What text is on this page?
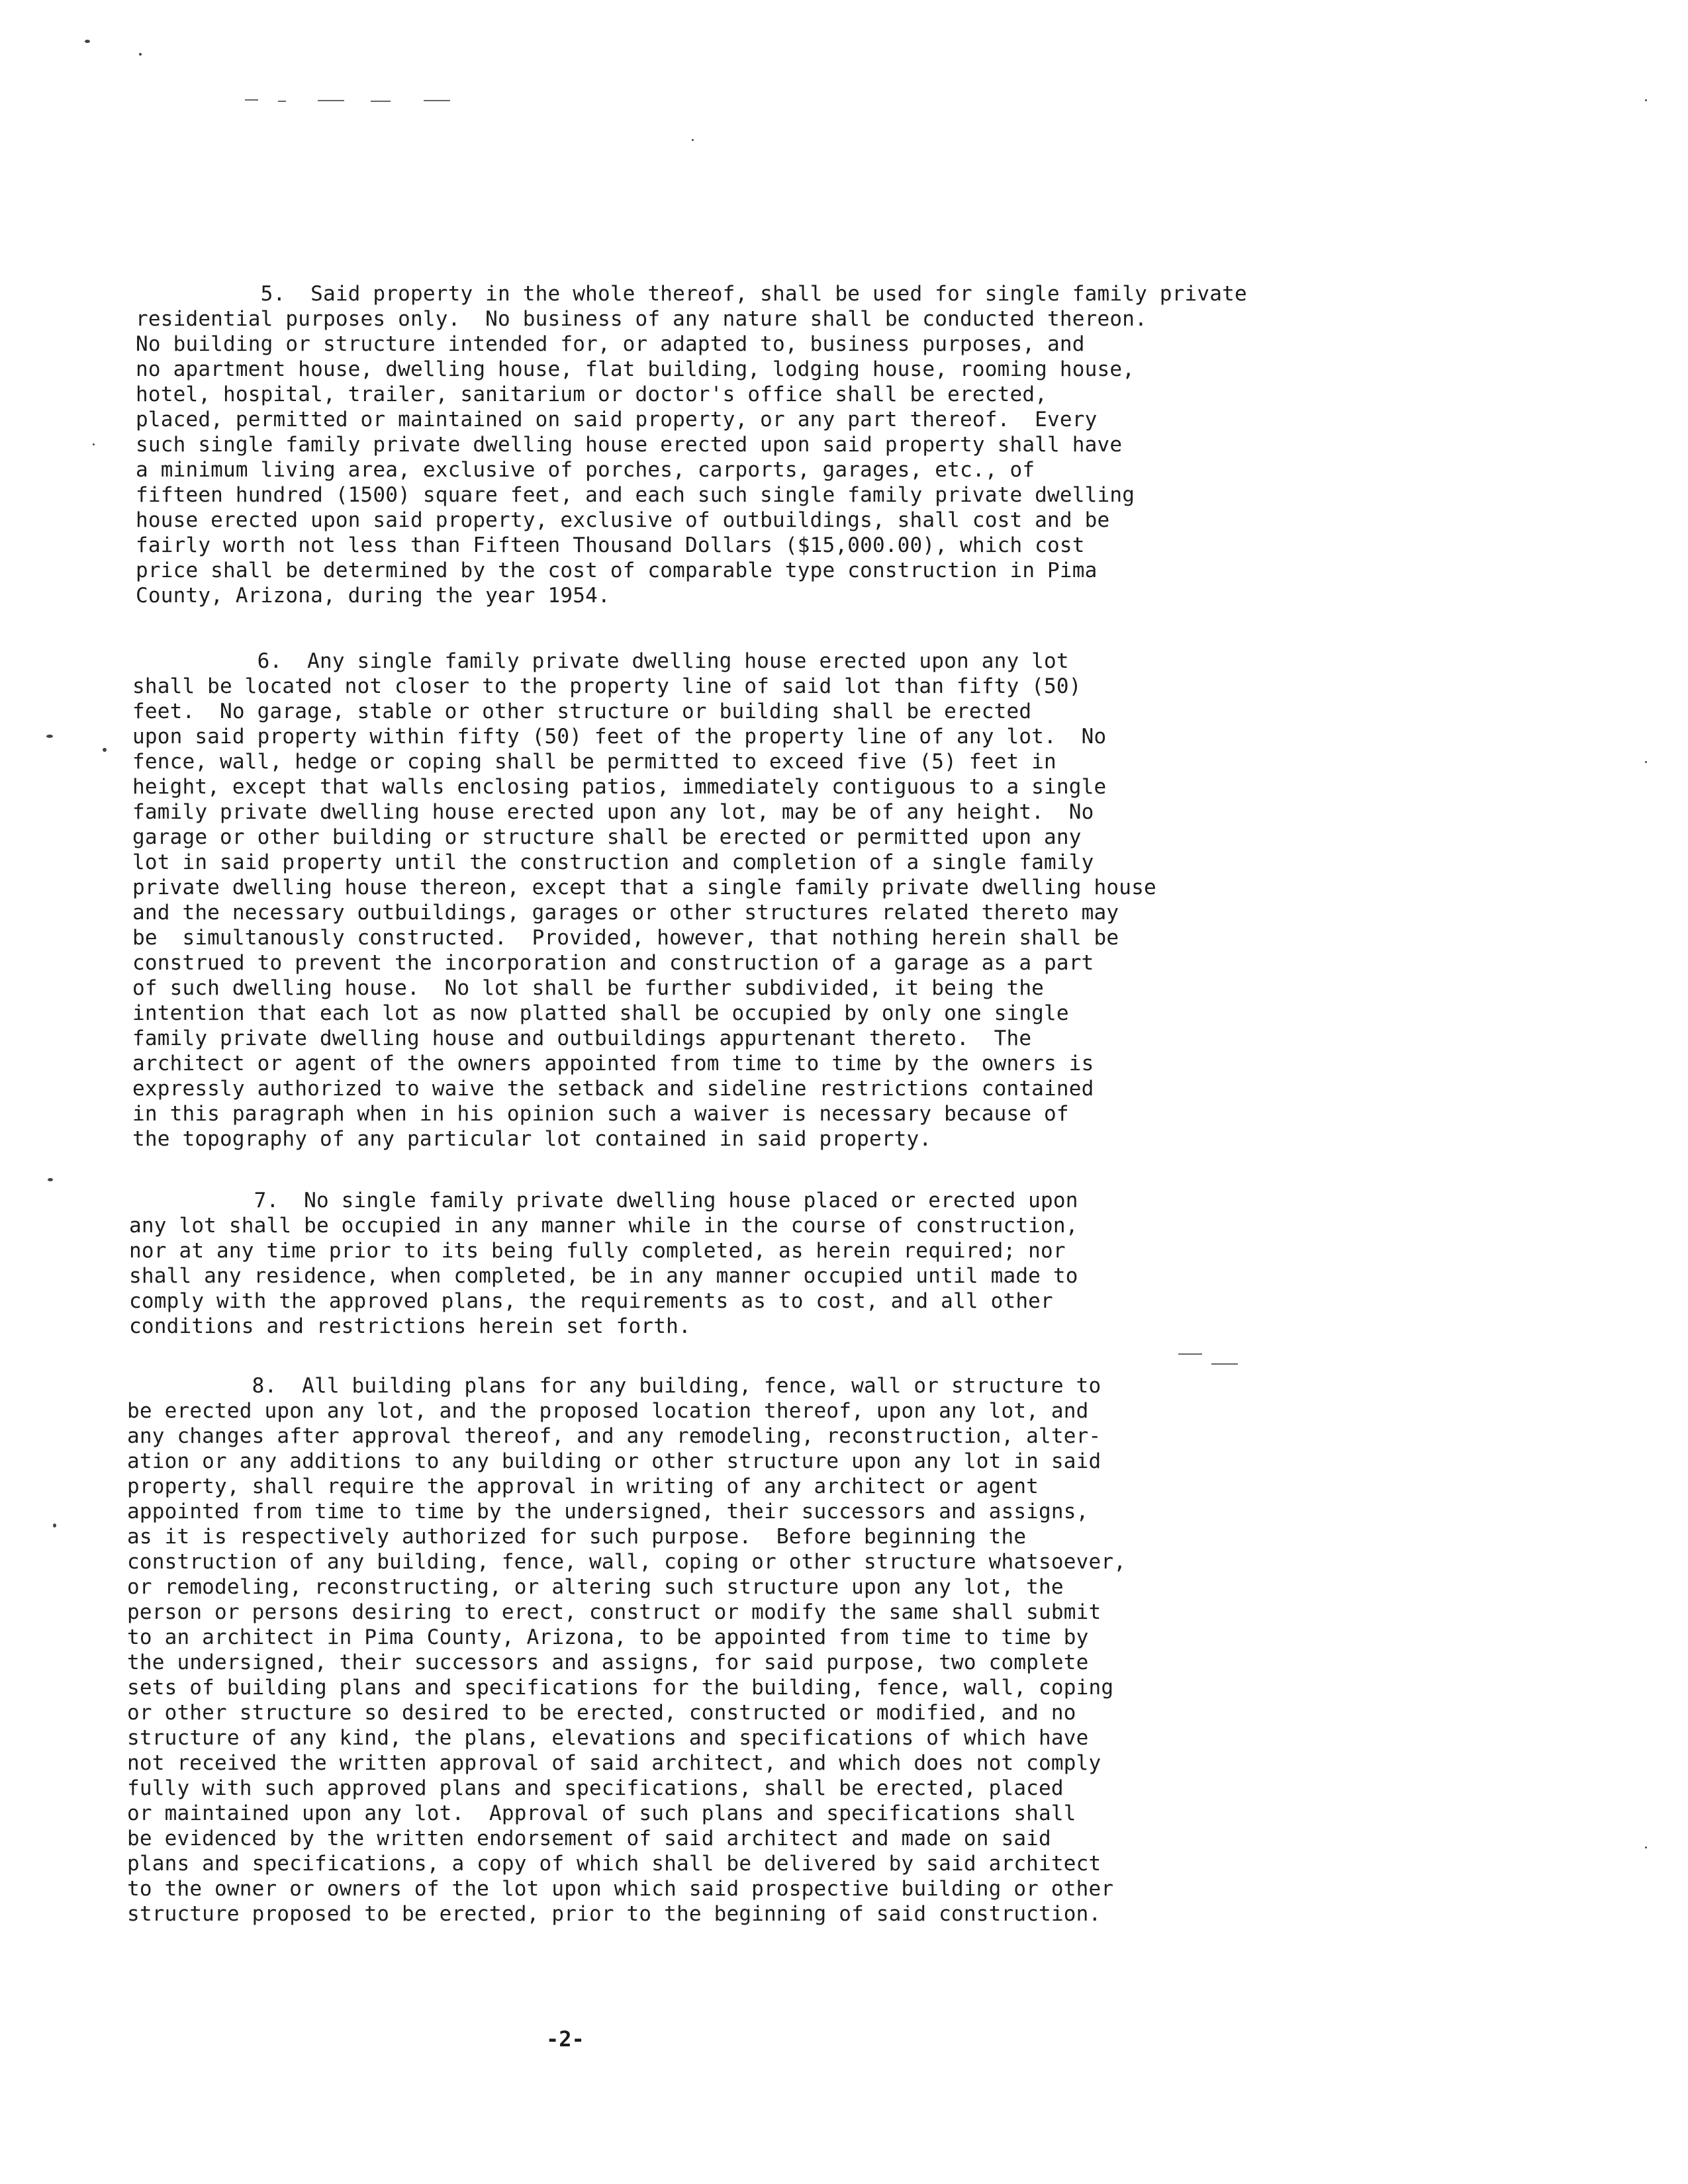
5.  Said property in the whole thereof, shall be used for single family private
residential purposes only.  No business of any nature shall be conducted thereon.
No building or structure intended for, or adapted to, business purposes, and
no apartment house, dwelling house, flat building, lodging house, rooming house,
hotel, hospital, trailer, sanitarium or doctor's office shall be erected,
placed, permitted or maintained on said property, or any part thereof.  Every
such single family private dwelling house erected upon said property shall have
a minimum living area, exclusive of porches, carports, garages, etc., of
fifteen hundred (1500) square feet, and each such single family private dwelling
house erected upon said property, exclusive of outbuildings, shall cost and be
fairly worth not less than Fifteen Thousand Dollars ($15,000.00), which cost
price shall be determined by the cost of comparable type construction in Pima
County, Arizona, during the year 1954.
6.  Any single family private dwelling house erected upon any lot
shall be located not closer to the property line of said lot than fifty (50)
feet.  No garage, stable or other structure or building shall be erected
upon said property within fifty (50) feet of the property line of any lot.  No
fence, wall, hedge or coping shall be permitted to exceed five (5) feet in
height, except that walls enclosing patios, immediately contiguous to a single
family private dwelling house erected upon any lot, may be of any height.  No
garage or other building or structure shall be erected or permitted upon any
lot in said property until the construction and completion of a single family
private dwelling house thereon, except that a single family private dwelling house
and the necessary outbuildings, garages or other structures related thereto may
be  simultanously constructed.  Provided, however, that nothing herein shall be
construed to prevent the incorporation and construction of a garage as a part
of such dwelling house.  No lot shall be further subdivided, it being the
intention that each lot as now platted shall be occupied by only one single
family private dwelling house and outbuildings appurtenant thereto.  The
architect or agent of the owners appointed from time to time by the owners is
expressly authorized to waive the setback and sideline restrictions contained
in this paragraph when in his opinion such a waiver is necessary because of
the topography of any particular lot contained in said property.
7.  No single family private dwelling house placed or erected upon
any lot shall be occupied in any manner while in the course of construction,
nor at any time prior to its being fully completed, as herein required; nor
shall any residence, when completed, be in any manner occupied until made to
comply with the approved plans, the requirements as to cost, and all other
conditions and restrictions herein set forth.
8.  All building plans for any building, fence, wall or structure to
be erected upon any lot, and the proposed location thereof, upon any lot, and
any changes after approval thereof, and any remodeling, reconstruction, alter-
ation or any additions to any building or other structure upon any lot in said
property, shall require the approval in writing of any architect or agent
appointed from time to time by the undersigned, their successors and assigns,
as it is respectively authorized for such purpose.  Before beginning the
construction of any building, fence, wall, coping or other structure whatsoever,
or remodeling, reconstructing, or altering such structure upon any lot, the
person or persons desiring to erect, construct or modify the same shall submit
to an architect in Pima County, Arizona, to be appointed from time to time by
the undersigned, their successors and assigns, for said purpose, two complete
sets of building plans and specifications for the building, fence, wall, coping
or other structure so desired to be erected, constructed or modified, and no
structure of any kind, the plans, elevations and specifications of which have
not received the written approval of said architect, and which does not comply
fully with such approved plans and specifications, shall be erected, placed
or maintained upon any lot.  Approval of such plans and specifications shall
be evidenced by the written endorsement of said architect and made on said
plans and specifications, a copy of which shall be delivered by said architect
to the owner or owners of the lot upon which said prospective building or other
structure proposed to be erected, prior to the beginning of said construction.
-2-
